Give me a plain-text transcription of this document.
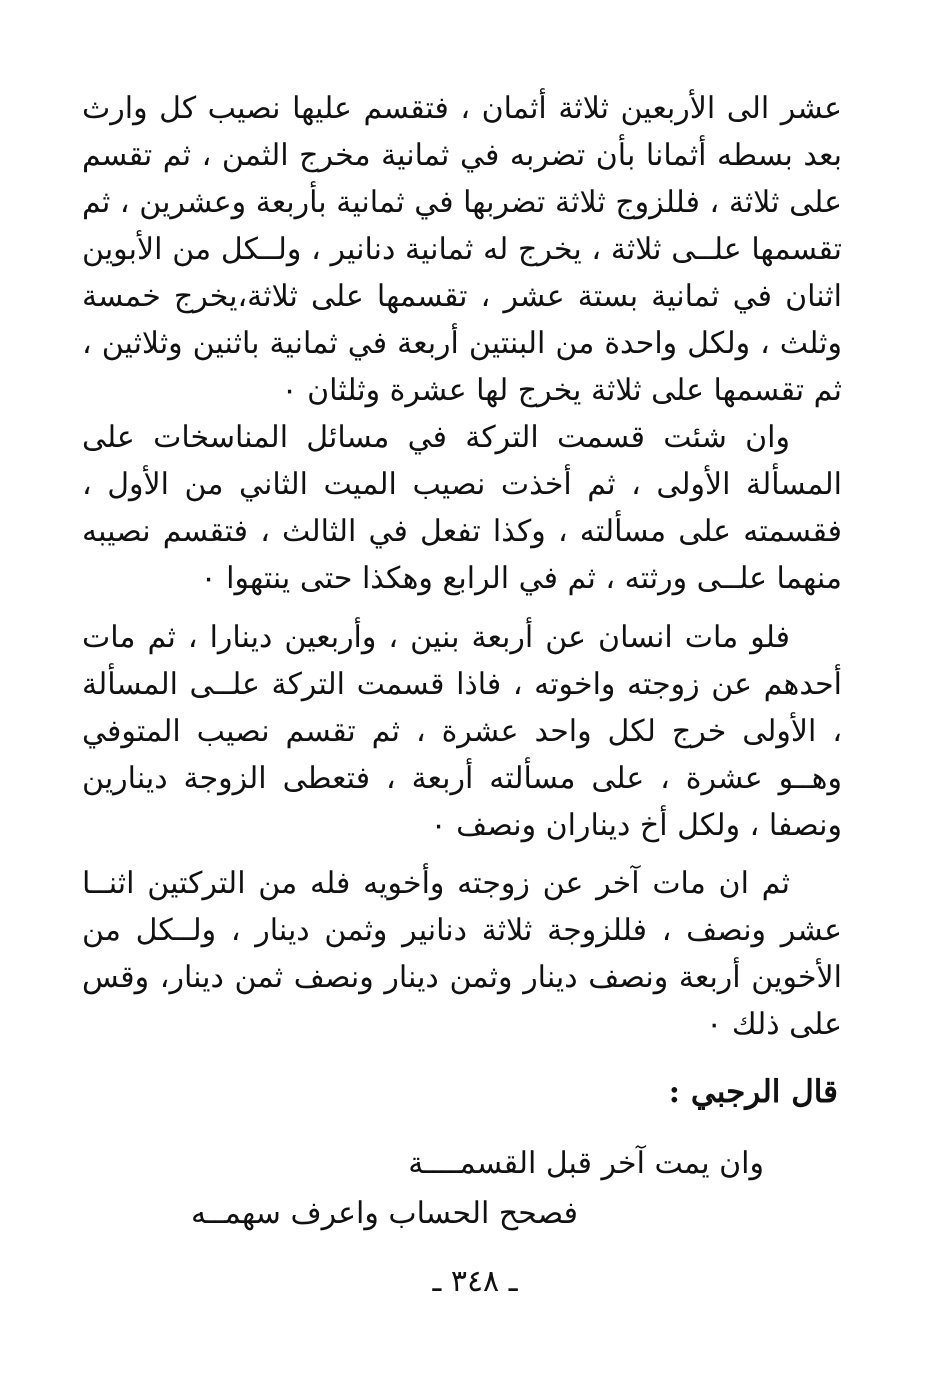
عشر الى الأربعين ثلاثة أثمان ، فتقسم عليها نصيب كل وارث بعد بسطه أثمانا بأن تضربه في ثمانية مخرج الثمن ، ثم تقسم على ثلاثة ، فللزوج ثلاثة تضربها في ثمانية بأربعة وعشرين ، ثم تقسمها علــى ثلاثة ، يخرج له ثمانية دنانير ، ولــكل من الأبوين اثنان في ثمانية بستة عشر ، تقسمها على ثلاثة،يخرج خمسة وثلث ، ولكل واحدة من البنتين أربعة في ثمانية باثنين وثلاثين ، ثم تقسمها على ثلاثة يخرج لها عشرة وثلثان ٠

وان شئت قسمت التركة في مسائل المناسخات على المسألة الأولى ، ثم أخذت نصيب الميت الثاني من الأول ، فقسمته على مسألته ، وكذا تفعل في الثالث ، فتقسم نصيبه منهما علــى ورثته ، ثم في الرابع وهكذا حتى ينتهوا ٠

فلو مات انسان عن أربعة بنين ، وأربعين دينارا ، ثم مات أحدهم عن زوجته واخوته ، فاذا قسمت التركة علــى المسألة ، الأولى خرج لكل واحد عشرة ، ثم تقسم نصيب المتوفي وهــو عشرة ، على مسألته أربعة ، فتعطى الزوجة دينارين ونصفا ، ولكل أخ ديناران ونصف ٠

ثم ان مات آخر عن زوجته وأخويه فله من التركتين اثنــا عشر ونصف ، فللزوجة ثلاثة دنانير وثمن دينار ، ولــكل من الأخوين أربعة ونصف دينار وثمن دينار ونصف ثمن دينار، وقس على ذلك ٠

قال الرجبي :
وان يمت آخر قبل القسمــــة
فصحح الحساب واعرف سهمــه
ـ ٣٤٨ ـ
